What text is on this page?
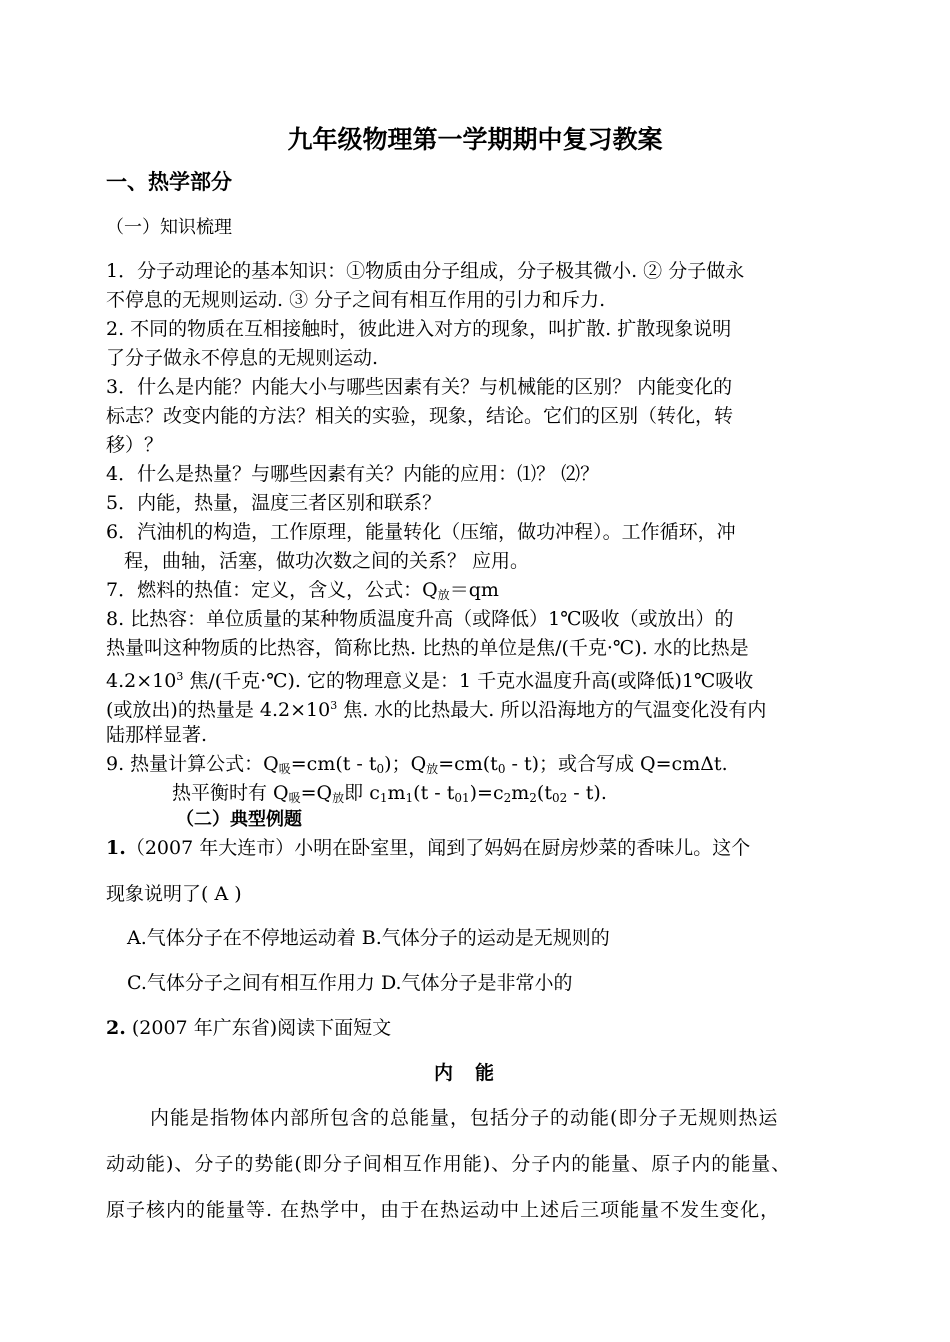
九年级物理第一学期期中复习教案
一、热学部分
（一）知识梳理
1．分子动理论的基本知识：①物质由分子组成，分子极其微小. ② 分子做永
不停息的无规则运动. ③ 分子之间有相互作用的引力和斥力.
2. 不同的物质在互相接触时，彼此进入对方的现象，叫扩散. 扩散现象说明
了分子做永不停息的无规则运动.
3．什么是内能？内能大小与哪些因素有关？与机械能的区别？ 内能变化的
标志？改变内能的方法？相关的实验，现象，结论。它们的区别（转化，转
移）？
4．什么是热量？与哪些因素有关？内能的应用：⑴？ ⑵？
5．内能，热量，温度三者区别和联系？
6．汽油机的构造，工作原理，能量转化（压缩，做功冲程）。工作循环，冲
程，曲轴，活塞，做功次数之间的关系？ 应用。
7．燃料的热值：定义，含义，公式：$Q_放=qm$
8. 比热容：单位质量的某种物质温度升高（或降低）1℃吸收（或放出）的
热量叫这种物质的比热容，简称比热. 比热的单位是焦/(千克·℃). 水的比热是
$4.2\times 10^3$ 焦/(千克·℃). 它的物理意义是：1 千克水温度升高(或降低)1℃吸收
(或放出)的热量是 $4.2\times 10^3$ 焦. 水的比热最大. 所以沿海地方的气温变化没有内
陆那样显著.
9. 热量计算公式：$Q_吸=cm(t - t_0)$；$Q_放=cm(t_0 - t)$；或合写成 Q=cmΔt.
热平衡时有 $Q_吸=Q_放$即 $c_1m_1(t - t_{01})=c_2m_2(t_{02} - t)$.
（二）典型例题
1.（2007 年大连市）小明在卧室里，闻到了妈妈在厨房炒菜的香味儿。这个
现象说明了( A )
A.气体分子在不停地运动着 B.气体分子的运动是无规则的
C.气体分子之间有相互作用力 D.气体分子是非常小的
2. (2007 年广东省)阅读下面短文
内能
内能是指物体内部所包含的总能量，包括分子的动能(即分子无规则热运
动动能)、分子的势能(即分子间相互作用能)、分子内的能量、原子内的能量、
原子核内的能量等. 在热学中，由于在热运动中上述后三项能量不发生变化，
